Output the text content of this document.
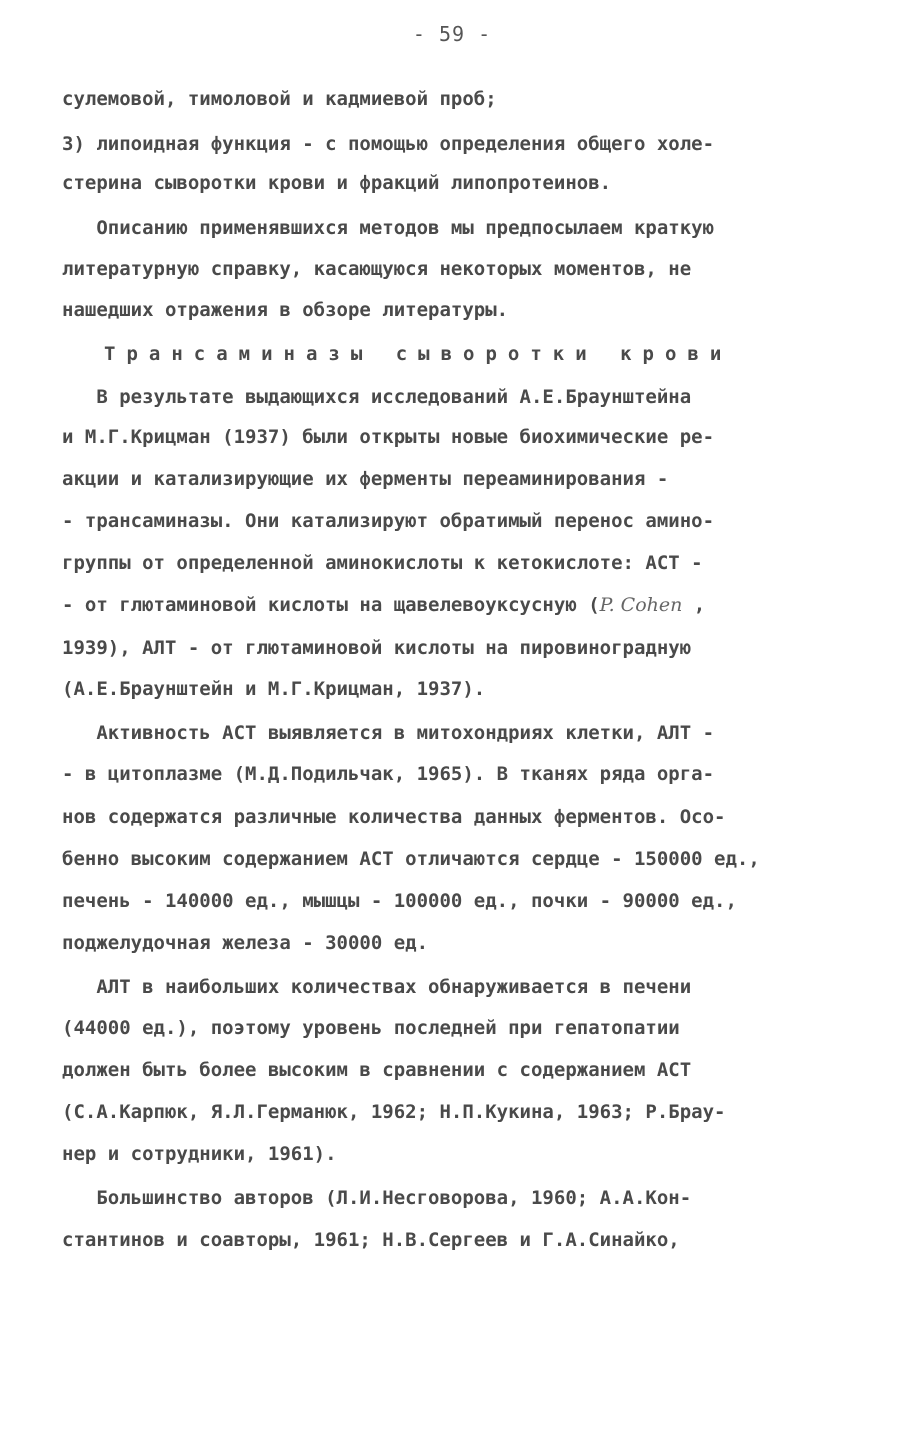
- 59 -
сулемовой, тимоловой и кадмиевой проб;
3) липоидная функция - с помощью определения общего холе-
стерина сыворотки крови и фракций липопротеинов.
Описанию применявшихся методов мы предпосылаем краткую
литературную справку, касающуюся некоторых моментов, не
нашедших отражения в обзоре литературы.
Трансаминазы сыворотки крови
В результате выдающихся исследований А.Е.Браунштейна
и М.Г.Крицман (1937) были открыты новые биохимические ре-
акции и катализирующие их ферменты переаминирования -
- трансаминазы. Они катализируют обратимый перенос амино-
группы от определенной аминокислоты к кетокислоте: АСТ -
- от глютаминовой кислоты на щавелевоуксусную (P. Cohen ,
1939), АЛТ - от глютаминовой кислоты на пировиноградную
(А.Е.Браунштейн и М.Г.Крицман, 1937).
Активность АСТ выявляется в митохондриях клетки, АЛТ -
- в цитоплазме (М.Д.Подильчак, 1965). В тканях ряда орга-
нов содержатся различные количества данных ферментов. Осо-
бенно высоким содержанием АСТ отличаются сердце - 150000 ед.,
печень - 140000 ед., мышцы - 100000 ед., почки - 90000 ед.,
поджелудочная железа - 30000 ед.
АЛТ в наибольших количествах обнаруживается в печени
(44000 ед.), поэтому уровень последней при гепатопатии
должен быть более высоким в сравнении с содержанием АСТ
(С.А.Карпюк, Я.Л.Германюк, 1962; Н.П.Кукина, 1963; Р.Брау-
нер и сотрудники, 1961).
Большинство авторов (Л.И.Несговорова, 1960; А.А.Кон-
стантинов и соавторы, 1961; Н.В.Сергеев и Г.А.Синайко,
